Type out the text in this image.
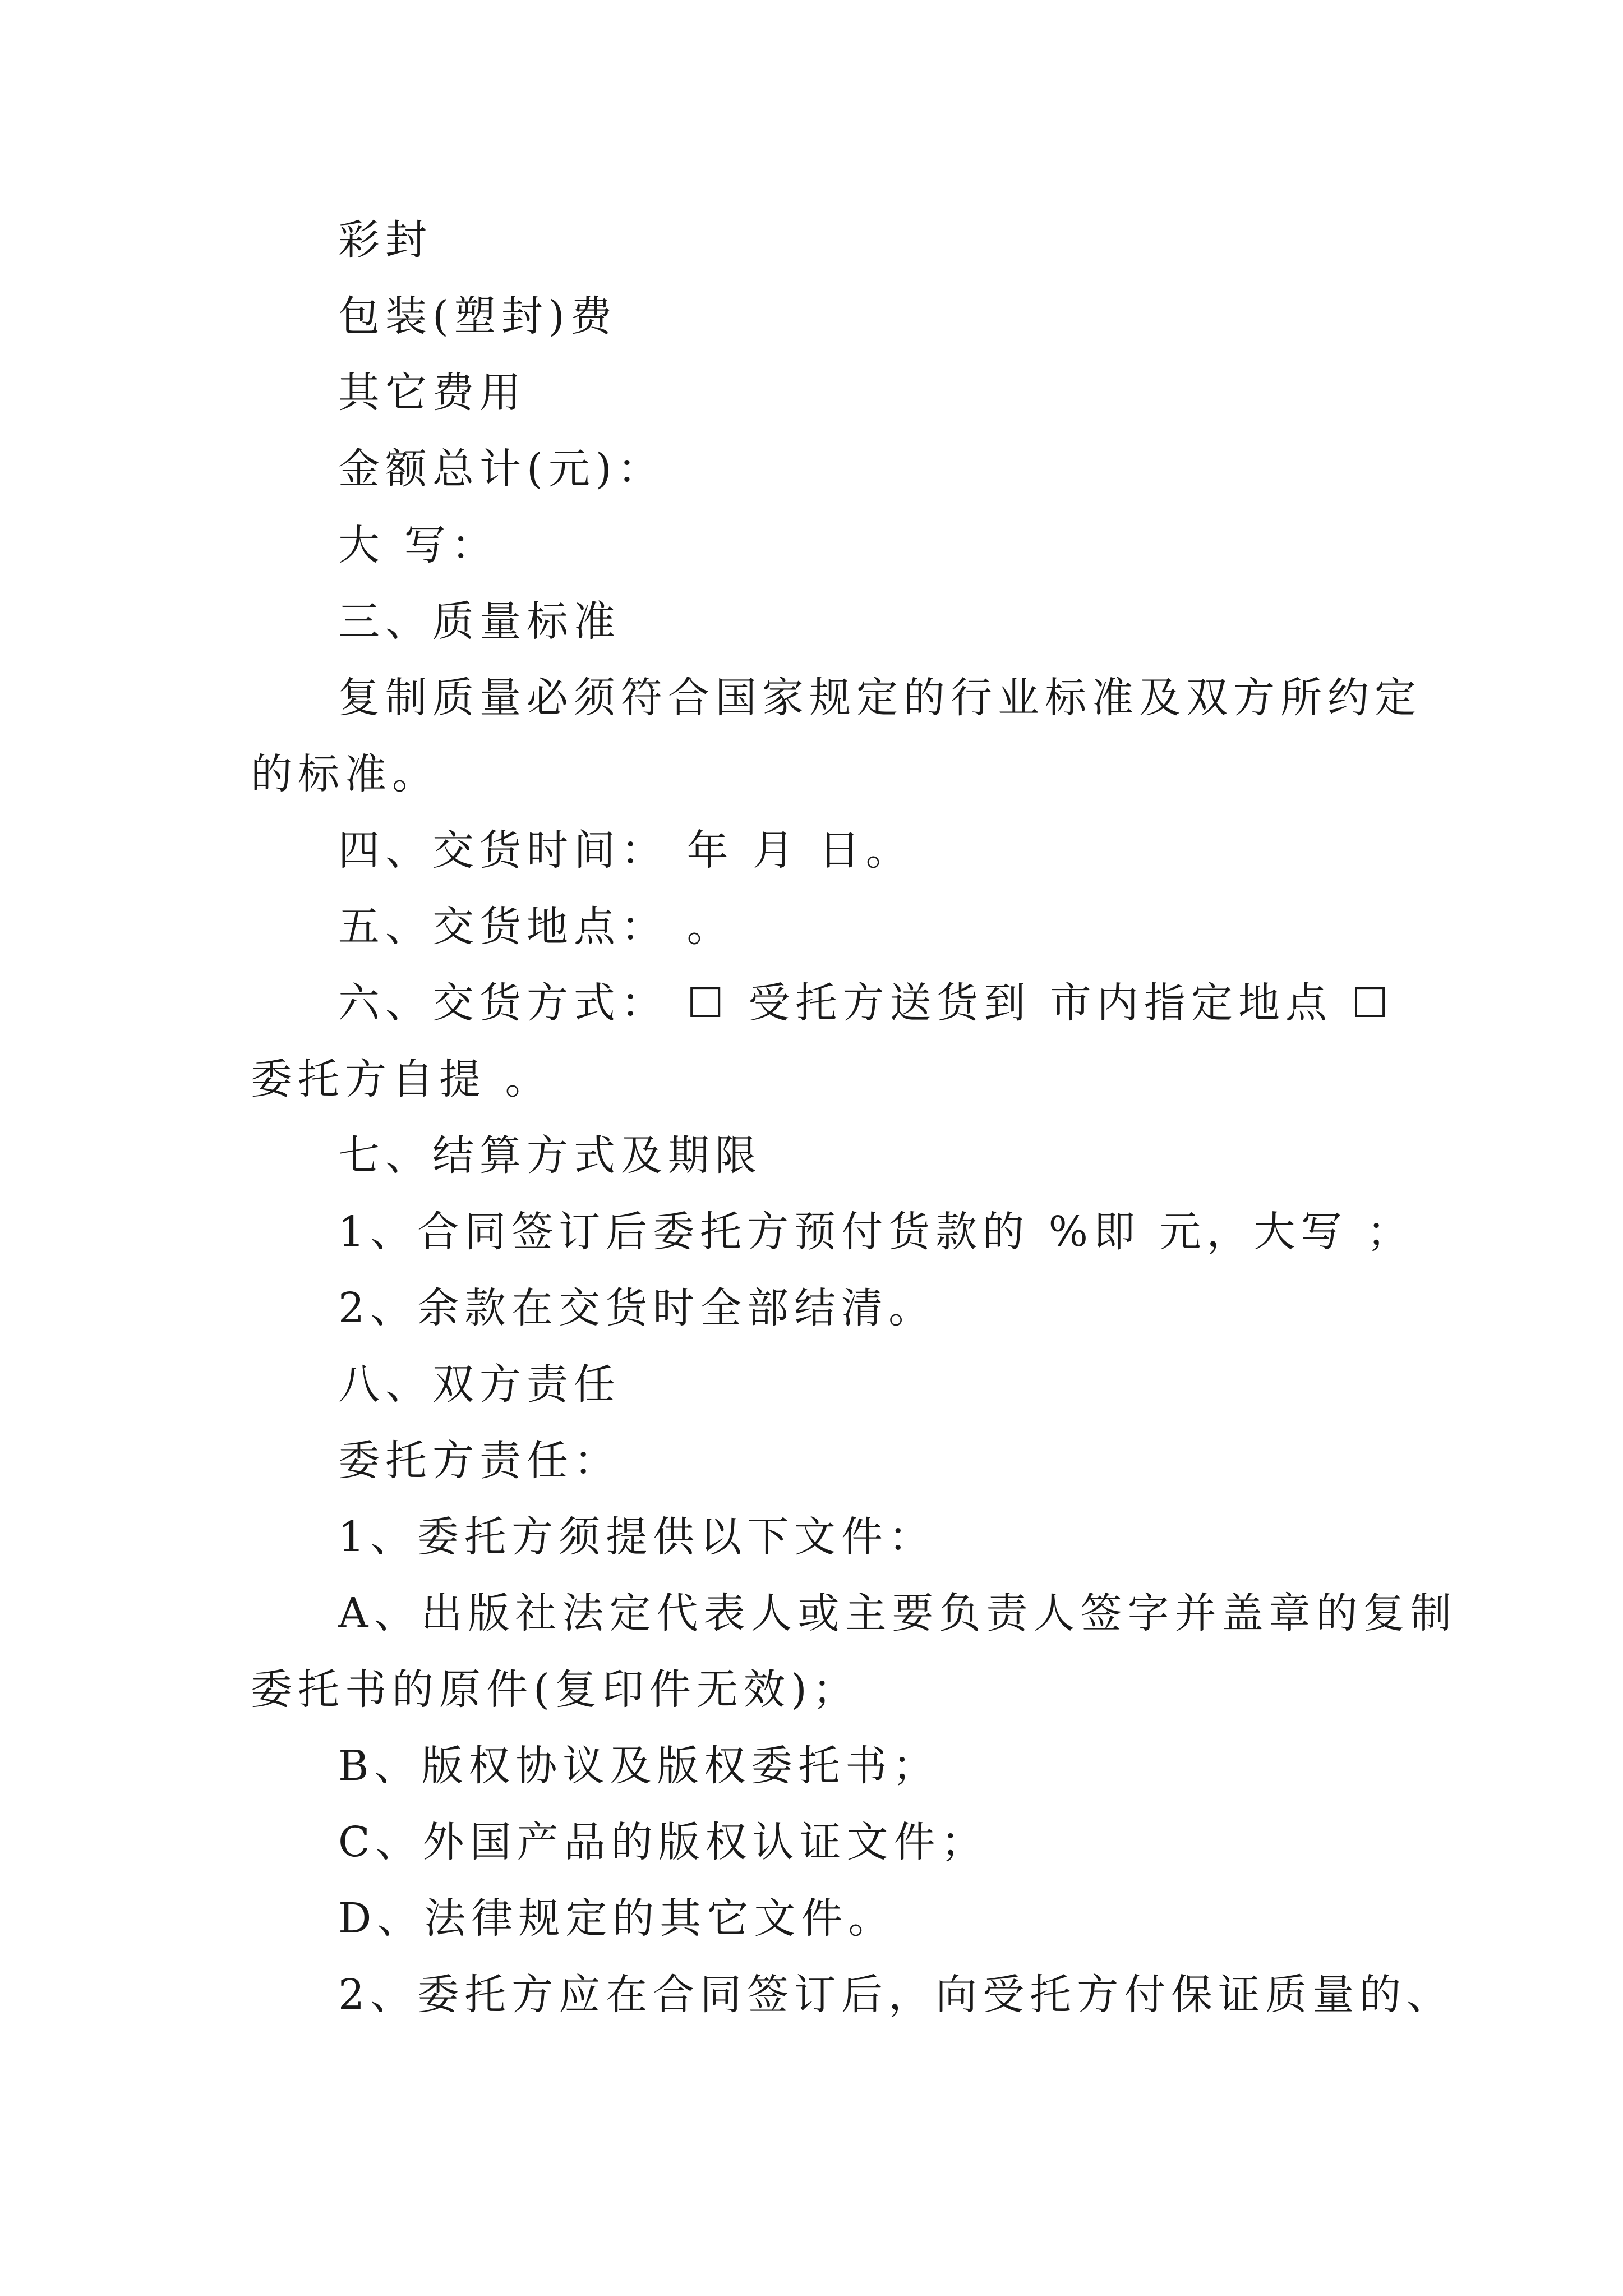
彩封
包装(塑封)费
其它费用
金额总计(元)：
大 写：
三、质量标准
复制质量必须符合国家规定的行业标准及双方所约定
的标准。
四、交货时间： 年 月 日。
五、交货地点： 。
六、交货方式： ☐ 受托方送货到 市内指定地点 ☐
委托方自提 。
七、结算方式及期限
1、合同签订后委托方预付货款的 %即 元，大写 ；
2、余款在交货时全部结清。
八、双方责任
委托方责任：
1、委托方须提供以下文件：
A、出版社法定代表人或主要负责人签字并盖章的复制
委托书的原件(复印件无效)；
B、版权协议及版权委托书；
C、外国产品的版权认证文件；
D、法律规定的其它文件。
2、委托方应在合同签订后，向受托方付保证质量的、
